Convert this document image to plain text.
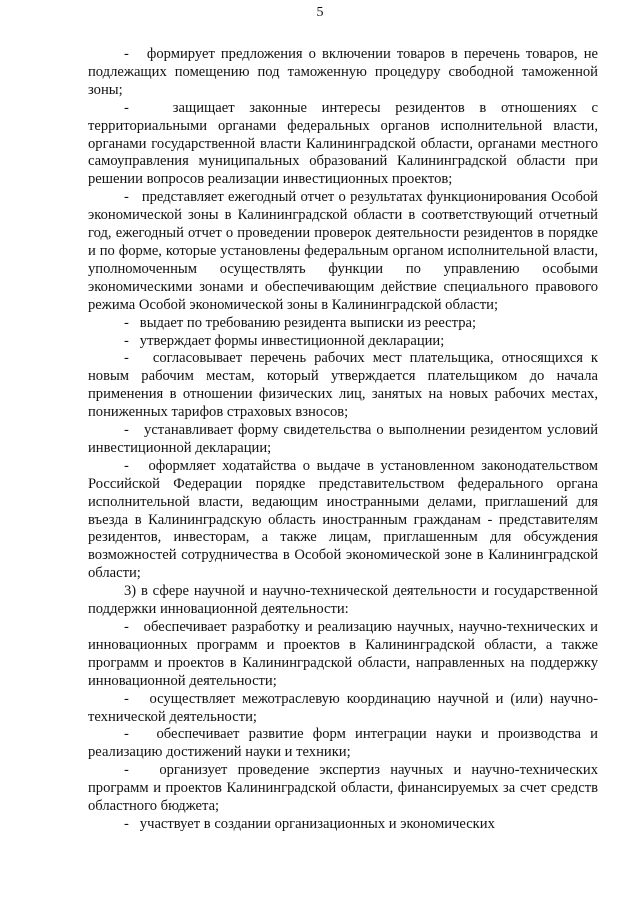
5

-   формирует предложения о включении товаров в перечень товаров, не подлежащих помещению под таможенную процедуру свободной таможенной зоны;

-   защищает законные интересы резидентов в отношениях с территориальными органами федеральных органов исполнительной власти, органами государственной власти Калининградской области, органами местного самоуправления муниципальных образований Калининградской области при решении вопросов реализации инвестиционных проектов;

-   представляет ежегодный отчет о результатах функционирования Особой экономической зоны в Калининградской области в соответствующий отчетный год, ежегодный отчет о проведении проверок деятельности резидентов в порядке и по форме, которые установлены федеральным органом исполнительной власти, уполномоченным осуществлять функции по управлению особыми экономическими зонами и обеспечивающим действие специального правового режима Особой экономической зоны в Калининградской области;

-   выдает по требованию резидента выписки из реестра;

-   утверждает формы инвестиционной декларации;

-   согласовывает перечень рабочих мест плательщика, относящихся к новым рабочим местам, который утверждается плательщиком до начала применения в отношении физических лиц, занятых на новых рабочих местах, пониженных тарифов страховых взносов;

-   устанавливает форму свидетельства о выполнении резидентом условий инвестиционной декларации;

-   оформляет ходатайства о выдаче в установленном законодательством Российской Федерации порядке представительством федерального органа исполнительной власти, ведающим иностранными делами, приглашений для въезда в Калининградскую область иностранным гражданам - представителям резидентов, инвесторам, а также лицам, приглашенным для обсуждения возможностей сотрудничества в Особой экономической зоне в Калининградской области;

3) в сфере научной и научно-технической деятельности и государственной поддержки инновационной деятельности:

-   обеспечивает разработку и реализацию научных, научно-технических и инновационных программ и проектов в Калининградской области, а также программ и проектов в Калининградской области, направленных на поддержку инновационной деятельности;

-   осуществляет межотраслевую координацию научной и (или) научно-технической деятельности;

-   обеспечивает развитие форм интеграции науки и производства и реализацию достижений науки и техники;

-   организует проведение экспертиз научных и научно-технических программ и проектов Калининградской области, финансируемых за счет средств областного бюджета;

-   участвует в создании организационных и экономических
